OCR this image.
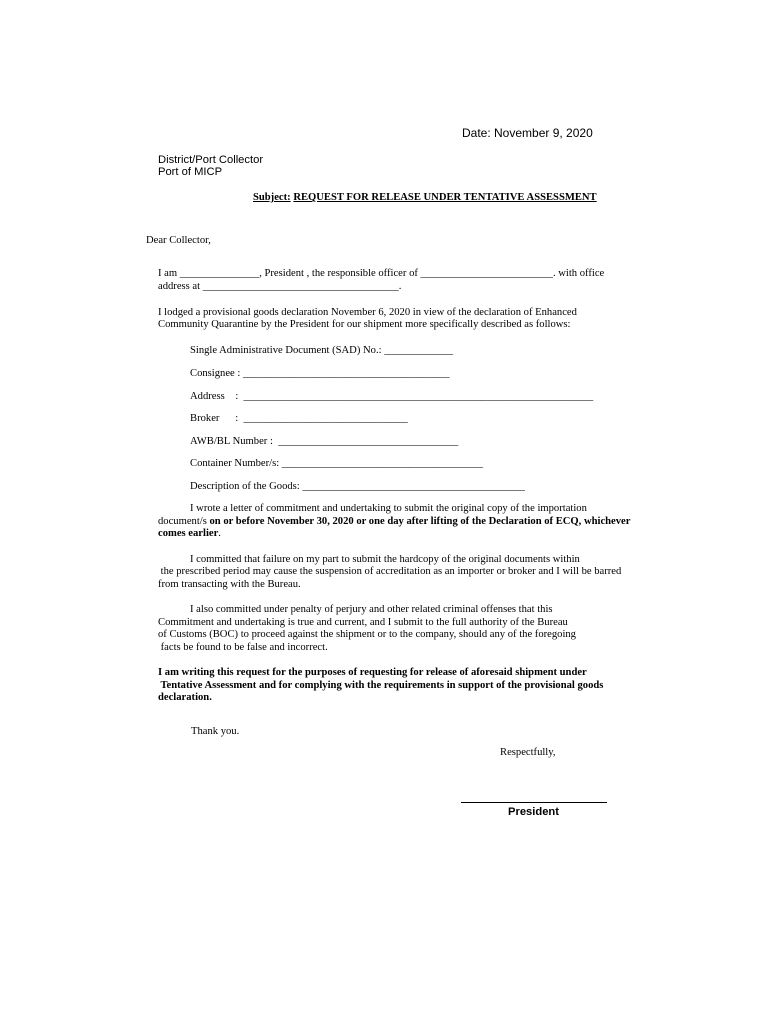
Date: November 9, 2020
District/Port Collector
Port of MICP
Subject: REQUEST FOR RELEASE UNDER TENTATIVE ASSESSMENT
Dear Collector,
I am _______________, President , the responsible officer of _________________________. with office
address at _____________________________________.
I lodged a provisional goods declaration November 6, 2020 in view of the declaration of Enhanced
Community Quarantine by the President for our shipment more specifically described as follows:
Single Administrative Document (SAD) No.: _____________
Consignee : _______________________________________
Address    :  __________________________________________________________________
Broker      :  _______________________________
AWB/BL Number :  __________________________________
Container Number/s: ______________________________________
Description of the Goods: __________________________________________
I wrote a letter of commitment and undertaking to submit the original copy of the importation
document/s on or before November 30, 2020 or one day after lifting of the Declaration of ECQ, whichever
comes earlier.
I committed that failure on my part to submit the hardcopy of the original documents within
the prescribed period may cause the suspension of accreditation as an importer or broker and I will be barred
from transacting with the Bureau.
I also committed under penalty of perjury and other related criminal offenses that this
Commitment and undertaking is true and current, and I submit to the full authority of the Bureau
of Customs (BOC) to proceed against the shipment or to the company, should any of the foregoing
facts be found to be false and incorrect.
I am writing this request for the purposes of requesting for release of aforesaid shipment under
Tentative Assessment and for complying with the requirements in support of the provisional goods
declaration.
Thank you.
Respectfully,
President
